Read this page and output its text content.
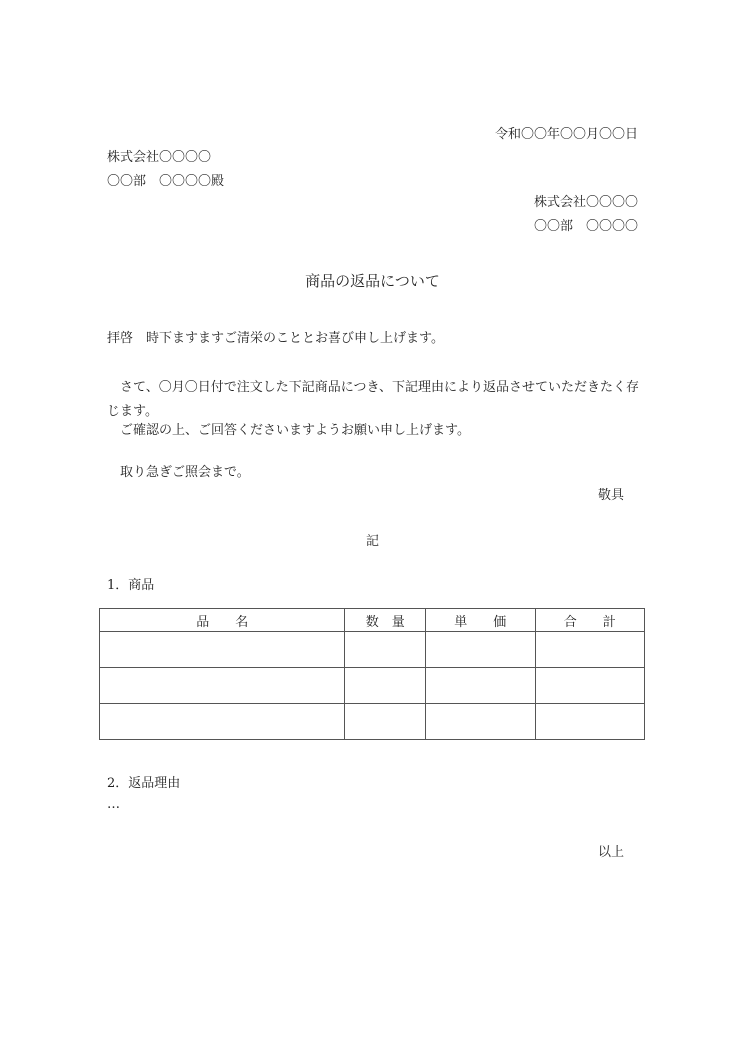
令和〇〇年〇〇月〇〇日
株式会社〇〇〇〇
〇〇部　〇〇〇〇殿
株式会社〇〇〇〇
〇〇部　〇〇〇〇
商品の返品について
拝啓　時下ますますご清栄のこととお喜び申し上げます。
　さて、〇月〇日付で注文した下記商品につき、下記理由により返品させていただきたく存じます。
　ご確認の上、ご回答くださいますようお願い申し上げます。
　取り急ぎご照会まで。
敬具
記
1．商品
品　　名	数　量	単　　価	合　　計

2．返品理由
…
以上
